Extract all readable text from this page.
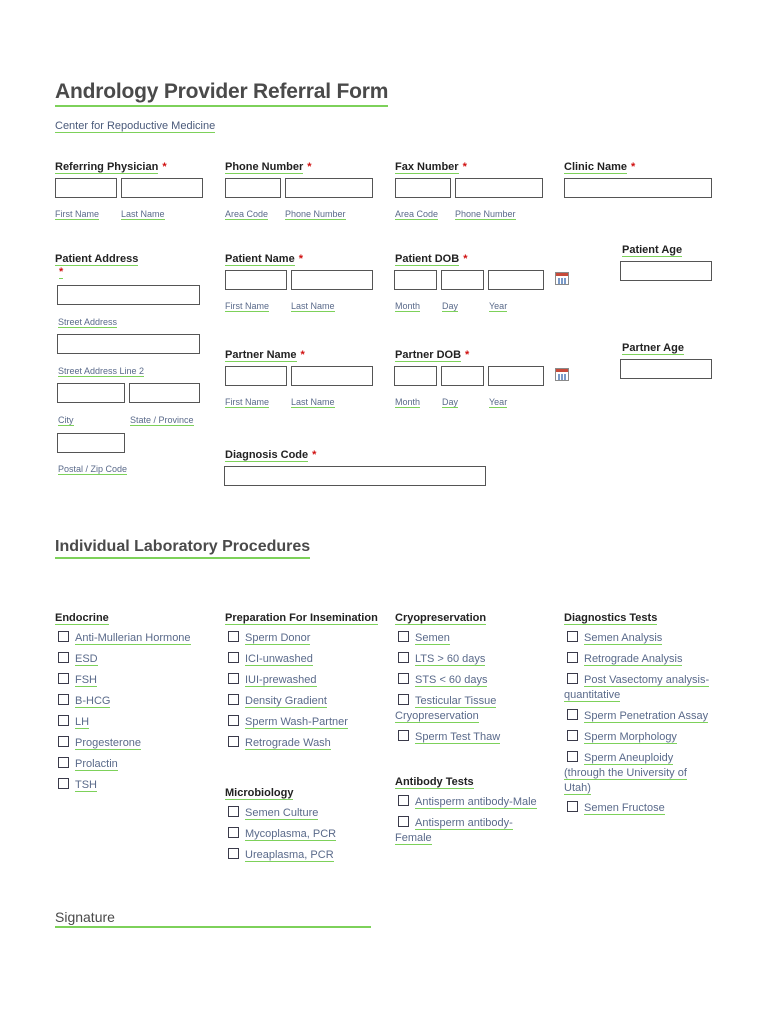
Andrology Provider Referral Form
Center for Repoductive Medicine
Referring Physician *
First Name Last Name
Phone Number *
Area Code Phone Number
Fax Number *
Area Code Phone Number
Clinic Name *
Patient Address
*
Street Address
Street Address Line 2
City	State / Province
Postal / Zip Code
Patient Name *
First Name Last Name
Patient DOB *
Month Day	Year
Patient Age
Partner Name *
First Name Last Name
Partner DOB *
Month Day	Year
Partner Age
Diagnosis Code *
Individual Laboratory Procedures
Endocrine
Anti-Mullerian Hormone
ESD
FSH
B-HCG
LH
Progesterone
Prolactin
TSH
Preparation For Insemination
Sperm Donor
ICI-unwashed
IUI-prewashed
Density Gradient
Sperm Wash-Partner
Retrograde Wash
Microbiology
Semen Culture
Mycoplasma, PCR
Ureaplasma, PCR
Cryopreservation
Semen
LTS > 60 days
STS < 60 days
Testicular Tissue Cryopreservation
Sperm Test Thaw
Antibody Tests
Antisperm antibody-Male
Antisperm antibody-Female
Diagnostics Tests
Semen Analysis
Retrograde Analysis
Post Vasectomy analysis-quantitative
Sperm Penetration Assay
Sperm Morphology
Sperm Aneuploidy (through the University of Utah)
Semen Fructose
Signature
